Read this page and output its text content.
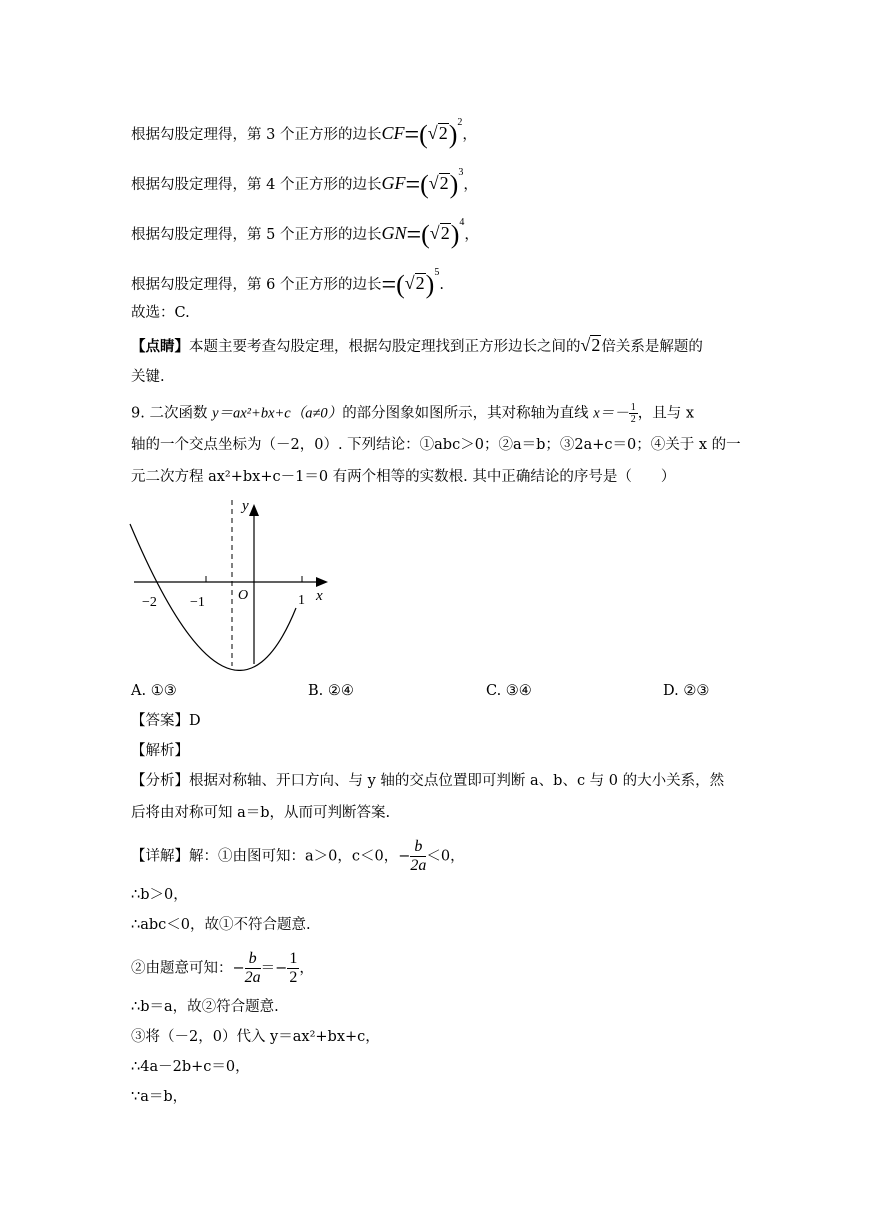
根据勾股定理得，第 3 个正方形的边长$CF=(√2)^2$，
根据勾股定理得，第 4 个正方形的边长$GF=(√2)^3$，
根据勾股定理得，第 5 个正方形的边长$GN=(√2)^4$，
根据勾股定理得，第 6 个正方形的边长$=(√2)^5$.
故选：C.
【点睛】本题主要考查勾股定理，根据勾股定理找到正方形边长之间的√2倍关系是解题的
关键.
9. 二次函数 y＝ax²+bx+c（a≠0）的部分图象如图所示，其对称轴为直线 $x=- \frac{1}{2}$ ，且与 x
轴的一个交点坐标为（－2，0）. 下列结论：①abc＞0；②a＝b；③2a+c＝0；④关于 x 的一
元二次方程 ax²+bx+c－1＝0 有两个相等的实数根. 其中正确结论的序号是（　　）
y
x
O
−2 −1	1
A. ①③	B. ②④	C. ③④	D. ②③
【答案】D
【解析】
【分析】根据对称轴、开口方向、与 y 轴的交点位置即可判断 a、b、c 与 0 的大小关系，然
后将由对称可知 a＝b，从而可判断答案.
【详解】解：①由图可知：a＞0，c＜0，− $\frac{b}{2a} <0$，
∴b＞0，
∴abc＜0，故①不符合题意.
②由题意可知：− $\frac{b}{2a} =- \frac{1}{2}$ ，
∴b＝a，故②符合题意.
③将（－2，0）代入 y＝ax²+bx+c，
∴4a－2b+c＝0，
∵a＝b，
